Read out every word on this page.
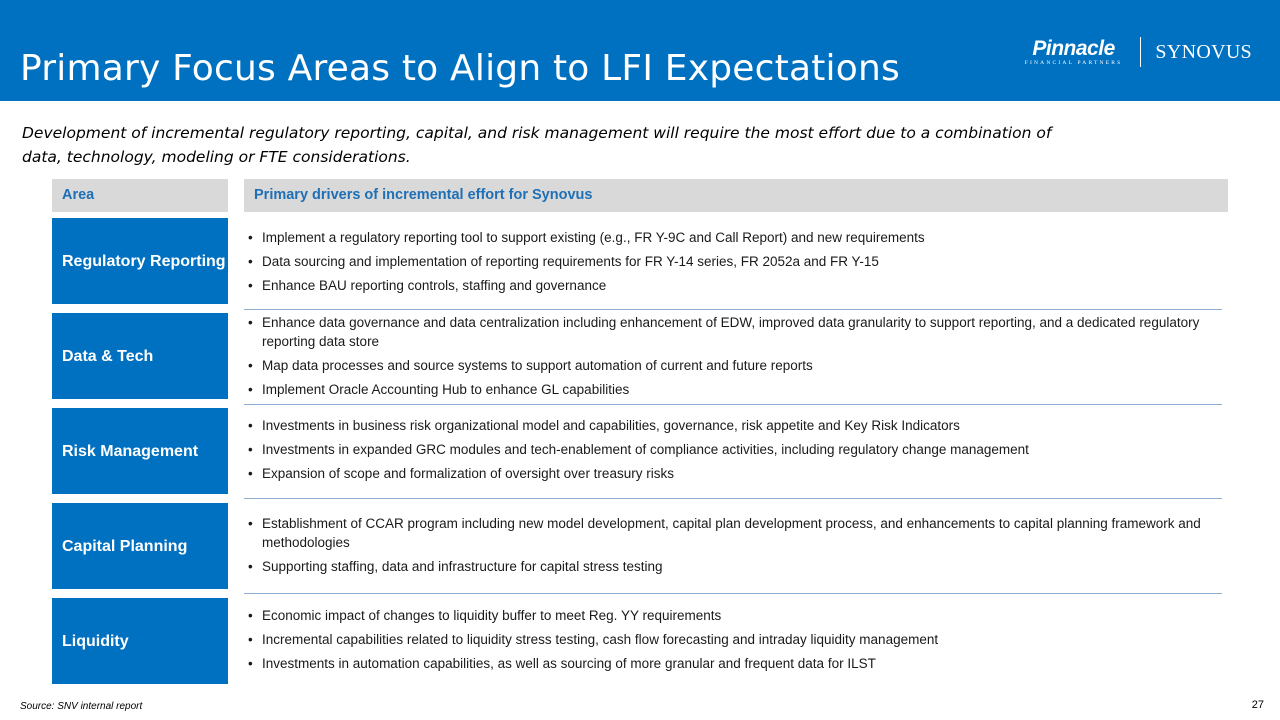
Primary Focus Areas to Align to LFI Expectations	Pinnacle
FINANCIAL PARTNERS
SYNOVUS
Development of incremental regulatory reporting, capital, and risk management will require the most effort due to a combination of data, technology, modeling or FTE considerations.
Area	Primary drivers of incremental effort for Synovus
Regulatory Reporting
• Implement a regulatory reporting tool to support existing (e.g., FR Y-9C and Call Report) and new requirements
• Data sourcing and implementation of reporting requirements for FR Y-14 series, FR 2052a and FR Y-15
• Enhance BAU reporting controls, staffing and governance
Data & Tech
• Enhance data governance and data centralization including enhancement of EDW, improved data granularity to support reporting, and a dedicated regulatory reporting data store
• Map data processes and source systems to support automation of current and future reports
• Implement Oracle Accounting Hub to enhance GL capabilities
Risk Management
• Investments in business risk organizational model and capabilities, governance, risk appetite and Key Risk Indicators
• Investments in expanded GRC modules and tech-enablement of compliance activities, including regulatory change management
• Expansion of scope and formalization of oversight over treasury risks
Capital Planning
• Establishment of CCAR program including new model development, capital plan development process, and enhancements to capital planning framework and methodologies
• Supporting staffing, data and infrastructure for capital stress testing
Liquidity
• Economic impact of changes to liquidity buffer to meet Reg. YY requirements
• Incremental capabilities related to liquidity stress testing, cash flow forecasting and intraday liquidity management
• Investments in automation capabilities, as well as sourcing of more granular and frequent data for ILST
Source: SNV internal report	27
